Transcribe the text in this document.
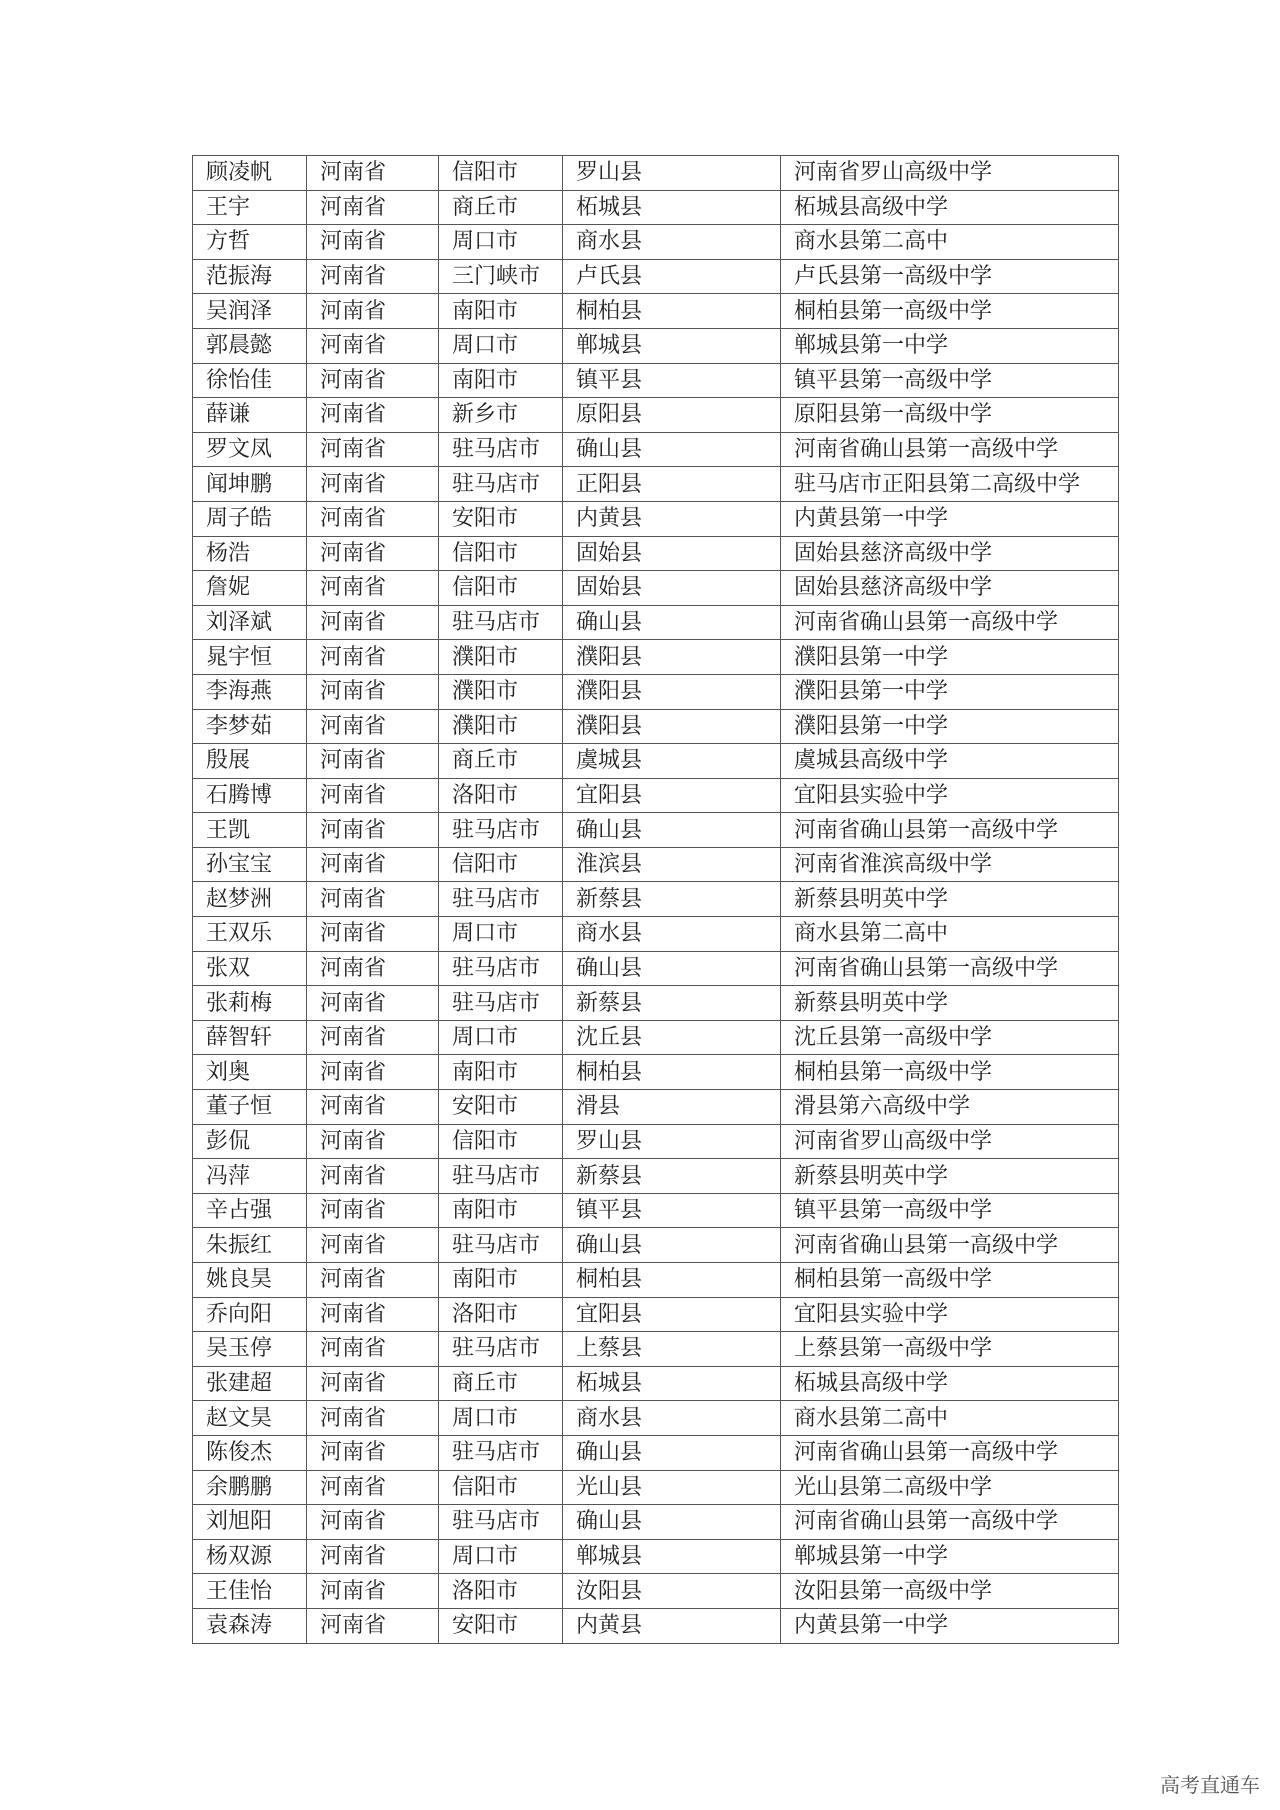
顾凌帆	河南省	信阳市	罗山县	河南省罗山高级中学
王宇	河南省	商丘市	柘城县	柘城县高级中学
方哲	河南省	周口市	商水县	商水县第二高中
范振海	河南省	三门峡市	卢氏县	卢氏县第一高级中学
吴润泽	河南省	南阳市	桐柏县	桐柏县第一高级中学
郭晨懿	河南省	周口市	郸城县	郸城县第一中学
徐怡佳	河南省	南阳市	镇平县	镇平县第一高级中学
薛谦	河南省	新乡市	原阳县	原阳县第一高级中学
罗文凤	河南省	驻马店市	确山县	河南省确山县第一高级中学
闻坤鹏	河南省	驻马店市	正阳县	驻马店市正阳县第二高级中学
周子皓	河南省	安阳市	内黄县	内黄县第一中学
杨浩	河南省	信阳市	固始县	固始县慈济高级中学
詹妮	河南省	信阳市	固始县	固始县慈济高级中学
刘泽斌	河南省	驻马店市	确山县	河南省确山县第一高级中学
晁宇恒	河南省	濮阳市	濮阳县	濮阳县第一中学
李海燕	河南省	濮阳市	濮阳县	濮阳县第一中学
李梦茹	河南省	濮阳市	濮阳县	濮阳县第一中学
殷展	河南省	商丘市	虞城县	虞城县高级中学
石腾博	河南省	洛阳市	宜阳县	宜阳县实验中学
王凯	河南省	驻马店市	确山县	河南省确山县第一高级中学
孙宝宝	河南省	信阳市	淮滨县	河南省淮滨高级中学
赵梦洲	河南省	驻马店市	新蔡县	新蔡县明英中学
王双乐	河南省	周口市	商水县	商水县第二高中
张双	河南省	驻马店市	确山县	河南省确山县第一高级中学
张莉梅	河南省	驻马店市	新蔡县	新蔡县明英中学
薛智轩	河南省	周口市	沈丘县	沈丘县第一高级中学
刘奥	河南省	南阳市	桐柏县	桐柏县第一高级中学
董子恒	河南省	安阳市	滑县	滑县第六高级中学
彭侃	河南省	信阳市	罗山县	河南省罗山高级中学
冯萍	河南省	驻马店市	新蔡县	新蔡县明英中学
辛占强	河南省	南阳市	镇平县	镇平县第一高级中学
朱振红	河南省	驻马店市	确山县	河南省确山县第一高级中学
姚良昊	河南省	南阳市	桐柏县	桐柏县第一高级中学
乔向阳	河南省	洛阳市	宜阳县	宜阳县实验中学
吴玉停	河南省	驻马店市	上蔡县	上蔡县第一高级中学
张建超	河南省	商丘市	柘城县	柘城县高级中学
赵文昊	河南省	周口市	商水县	商水县第二高中
陈俊杰	河南省	驻马店市	确山县	河南省确山县第一高级中学
余鹏鹏	河南省	信阳市	光山县	光山县第二高级中学
刘旭阳	河南省	驻马店市	确山县	河南省确山县第一高级中学
杨双源	河南省	周口市	郸城县	郸城县第一中学
王佳怡	河南省	洛阳市	汝阳县	汝阳县第一高级中学
袁森涛	河南省	安阳市	内黄县	内黄县第一中学
高考直通车
